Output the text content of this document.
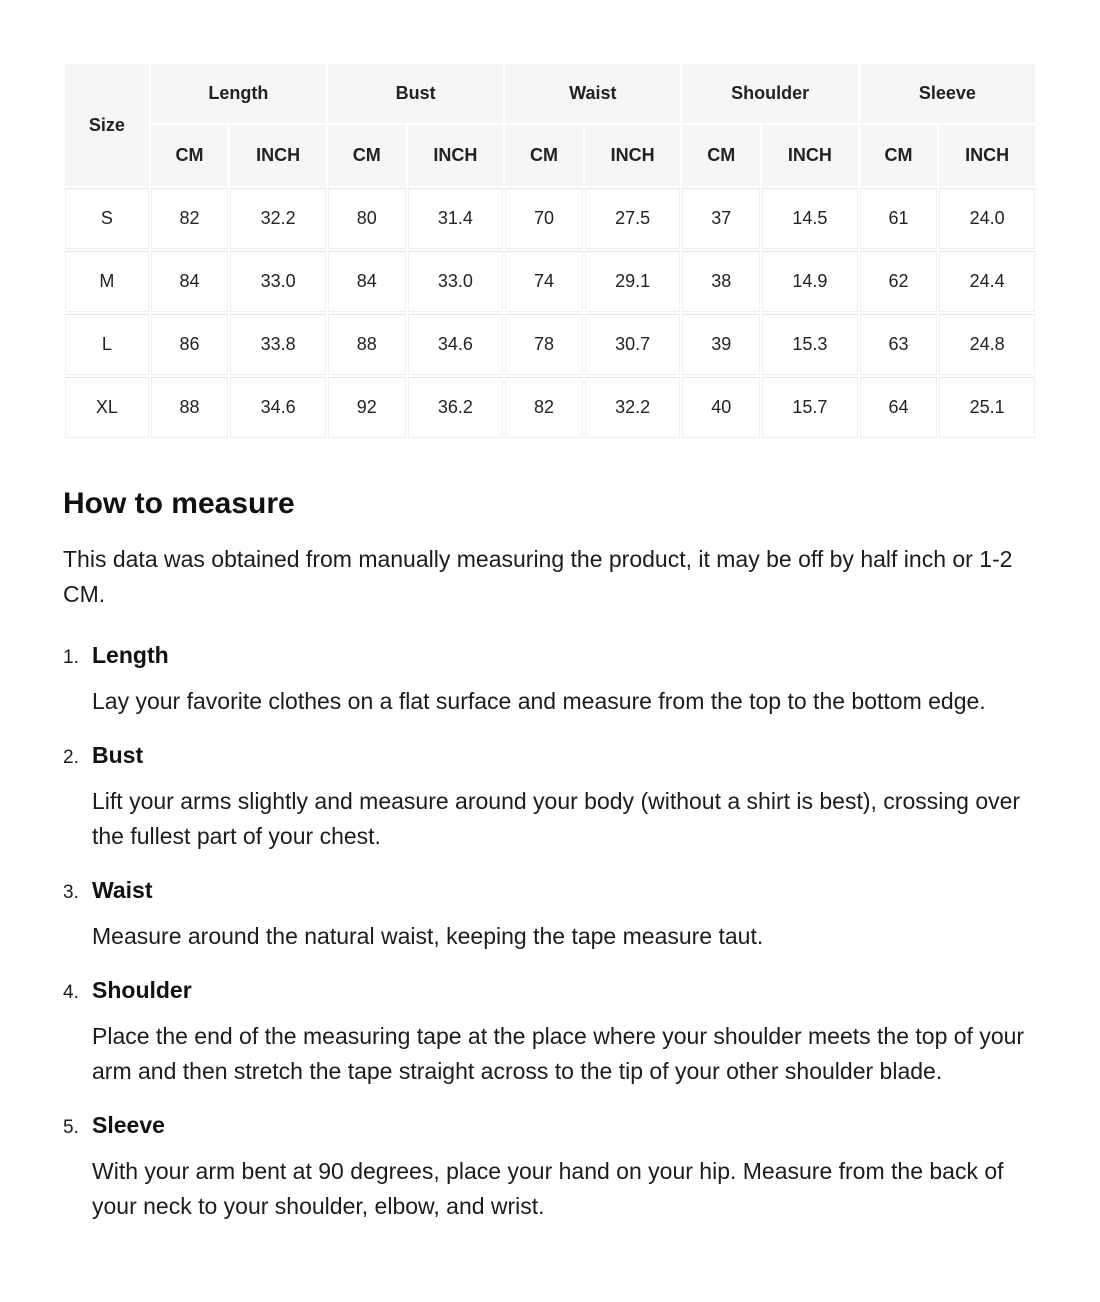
Size	Length		Bust		Waist		Shoulder		Sleeve	
	CM	INCH	CM	INCH	CM	INCH	CM	INCH	CM	INCH
S	82	32.2	80	31.4	70	27.5	37	14.5	61	24.0
M	84	33.0	84	33.0	74	29.1	38	14.9	62	24.4
L	86	33.8	88	34.6	78	30.7	39	15.3	63	24.8
XL	88	34.6	92	36.2	82	32.2	40	15.7	64	25.1
How to measure

This data was obtained from manually measuring the product, it may be off by half inch or 1-2 CM.

1. Length

Lay your favorite clothes on a flat surface and measure from the top to the bottom edge.

2. Bust

Lift your arms slightly and measure around your body (without a shirt is best), crossing over the fullest part of your chest.

3. Waist

Measure around the natural waist, keeping the tape measure taut.

4. Shoulder

Place the end of the measuring tape at the place where your shoulder meets the top of your arm and then stretch the tape straight across to the tip of your other shoulder blade.

5. Sleeve

With your arm bent at 90 degrees, place your hand on your hip. Measure from the back of your neck to your shoulder, elbow, and wrist.
